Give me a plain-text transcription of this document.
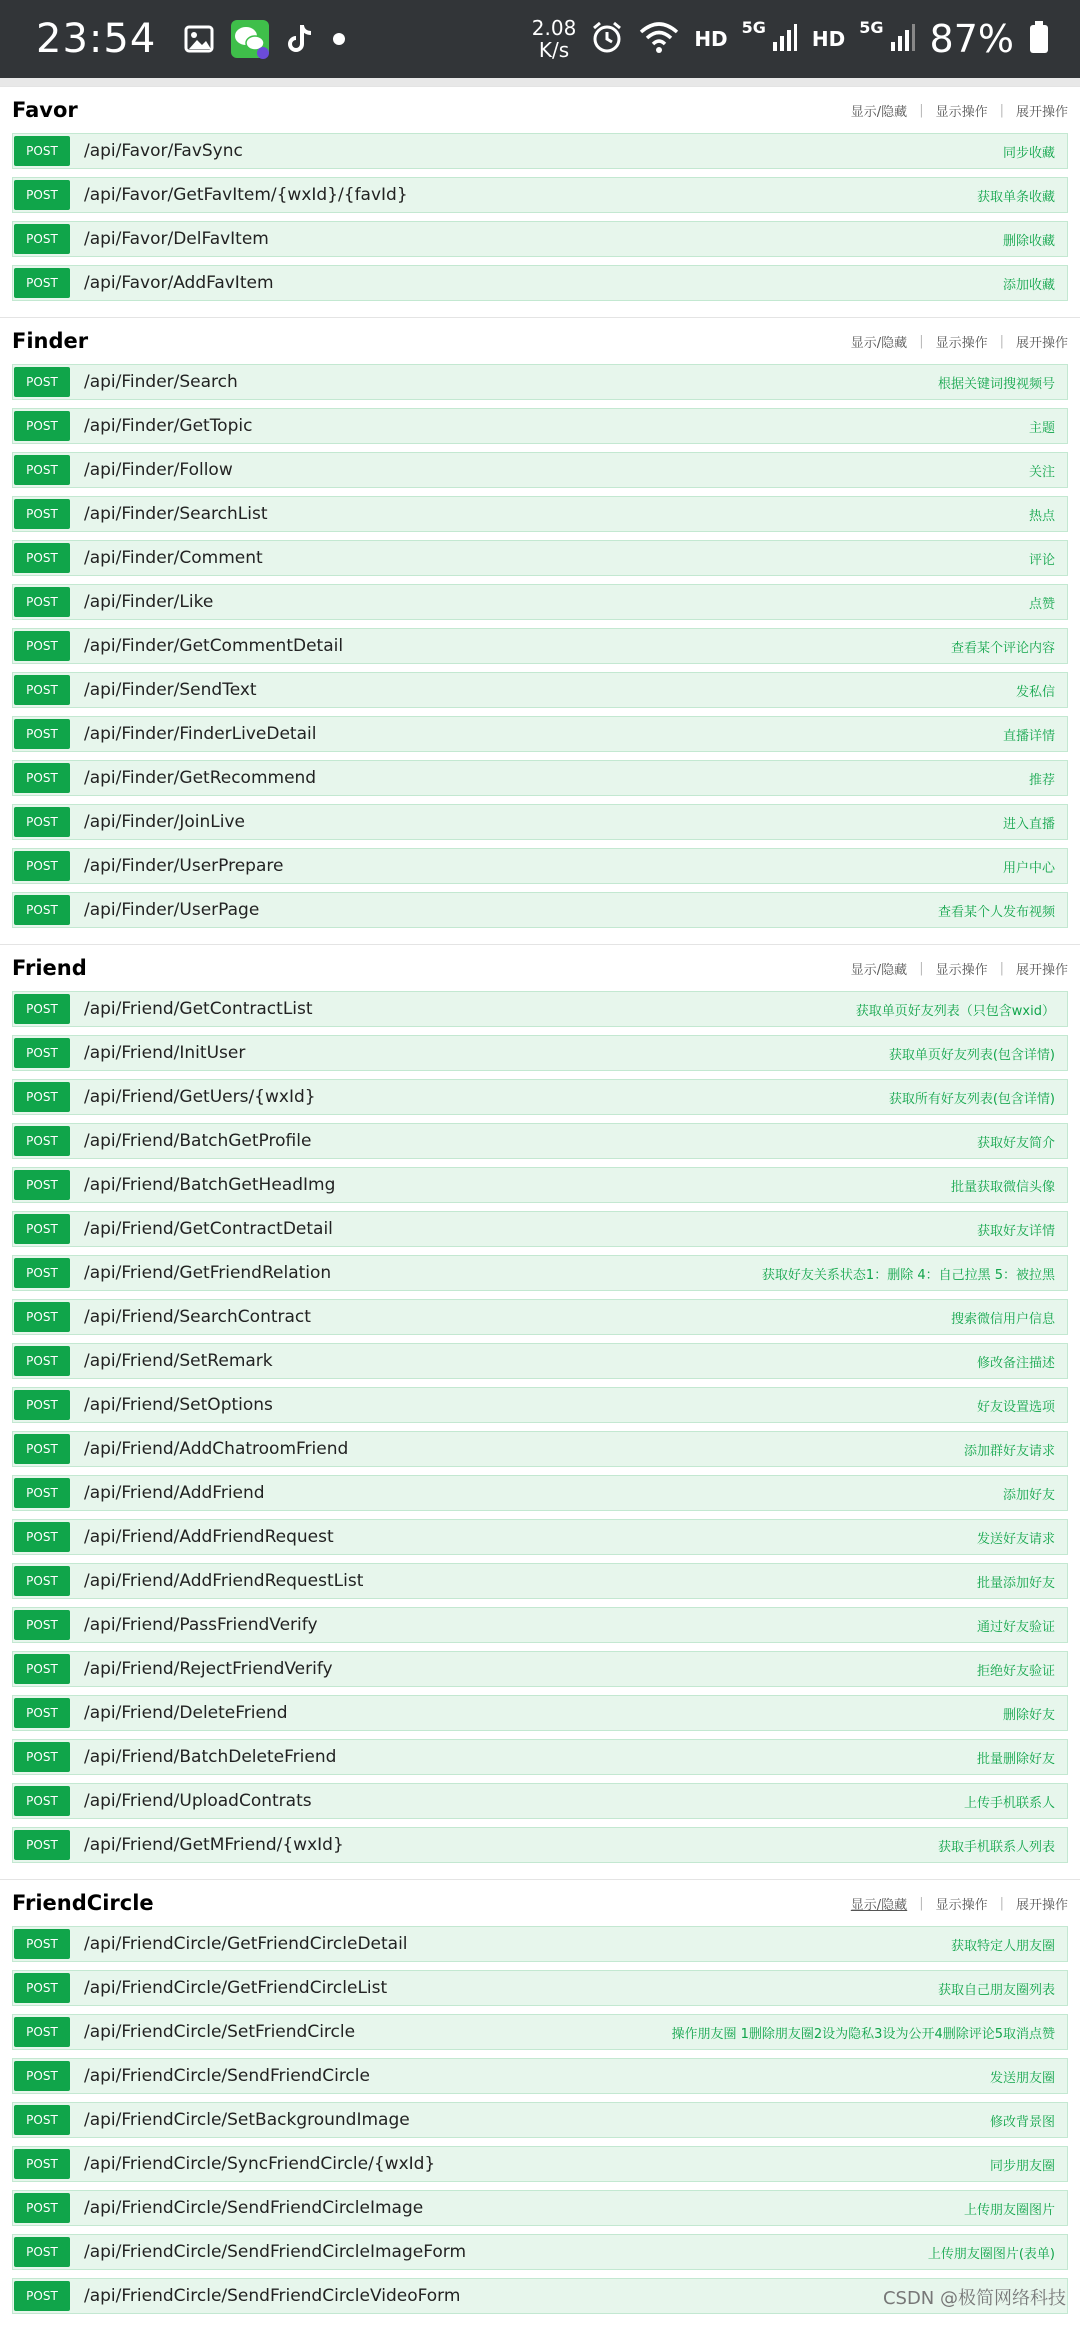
23:54	2.08
K/s	HD 5G HD 5G 87%
Favor	显示/隐藏 | 显示操作 | 展开操作
POST	/api/Favor/FavSync	同步收藏
POST	/api/Favor/GetFavItem/{wxId}/{favId}	获取单条收藏
POST	/api/Favor/DelFavItem	删除收藏
POST	/api/Favor/AddFavItem	添加收藏
Finder	显示/隐藏 | 显示操作 | 展开操作
POST	/api/Finder/Search	根据关键词搜视频号
POST	/api/Finder/GetTopic	主题
POST	/api/Finder/Follow	关注
POST	/api/Finder/SearchList	热点
POST	/api/Finder/Comment	评论
POST	/api/Finder/Like	点赞
POST	/api/Finder/GetCommentDetail	查看某个评论内容
POST	/api/Finder/SendText	发私信
POST	/api/Finder/FinderLiveDetail	直播详情
POST	/api/Finder/GetRecommend	推荐
POST	/api/Finder/JoinLive	进入直播
POST	/api/Finder/UserPrepare	用户中心
POST	/api/Finder/UserPage	查看某个人发布视频
Friend	显示/隐藏 | 显示操作 | 展开操作
POST	/api/Friend/GetContractList	获取单页好友列表（只包含wxid）
POST	/api/Friend/InitUser	获取单页好友列表(包含详情)
POST	/api/Friend/GetUers/{wxId}	获取所有好友列表(包含详情)
POST	/api/Friend/BatchGetProfile	获取好友简介
POST	/api/Friend/BatchGetHeadImg	批量获取微信头像
POST	/api/Friend/GetContractDetail	获取好友详情
POST	/api/Friend/GetFriendRelation	获取好友关系状态1：删除 4：自己拉黑 5：被拉黑
POST	/api/Friend/SearchContract	搜索微信用户信息
POST	/api/Friend/SetRemark	修改备注描述
POST	/api/Friend/SetOptions	好友设置选项
POST	/api/Friend/AddChatroomFriend	添加群好友请求
POST	/api/Friend/AddFriend	添加好友
POST	/api/Friend/AddFriendRequest	发送好友请求
POST	/api/Friend/AddFriendRequestList	批量添加好友
POST	/api/Friend/PassFriendVerify	通过好友验证
POST	/api/Friend/RejectFriendVerify	拒绝好友验证
POST	/api/Friend/DeleteFriend	删除好友
POST	/api/Friend/BatchDeleteFriend	批量删除好友
POST	/api/Friend/UploadContrats	上传手机联系人
POST	/api/Friend/GetMFriend/{wxId}	获取手机联系人列表
FriendCircle	显示/隐藏 | 显示操作 | 展开操作
POST	/api/FriendCircle/GetFriendCircleDetail	获取特定人朋友圈
POST	/api/FriendCircle/GetFriendCircleList	获取自己朋友圈列表
POST	/api/FriendCircle/SetFriendCircle	操作朋友圈 1删除朋友圈2设为隐私3设为公开4删除评论5取消点赞
POST	/api/FriendCircle/SendFriendCircle	发送朋友圈
POST	/api/FriendCircle/SetBackgroundImage	修改背景图
POST	/api/FriendCircle/SyncFriendCircle/{wxId}	同步朋友圈
POST	/api/FriendCircle/SendFriendCircleImage	上传朋友圈图片
POST	/api/FriendCircle/SendFriendCircleImageForm	上传朋友圈图片(表单)
POST	/api/FriendCircle/SendFriendCircleVideoForm	CSDN @极简网络科技
